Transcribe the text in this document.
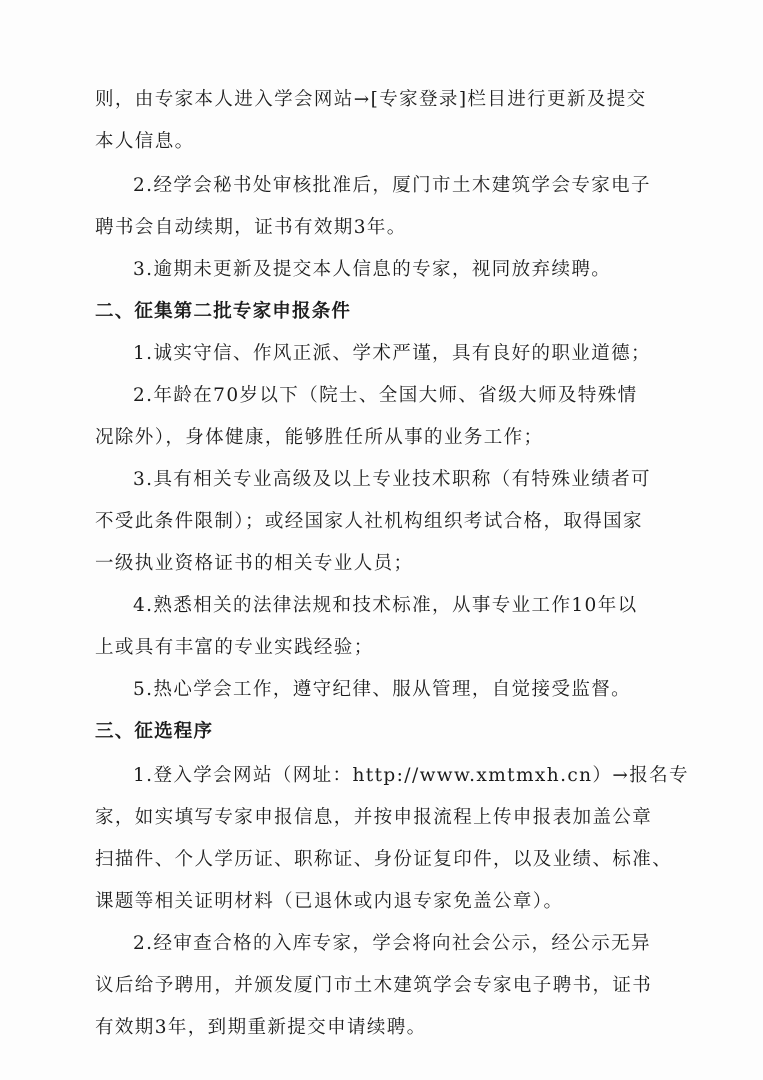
则，由专家本人进入学会网站→[专家登录]栏目进行更新及提交
本人信息。
2.经学会秘书处审核批准后，厦门市土木建筑学会专家电子
聘书会自动续期，证书有效期3年。
3.逾期未更新及提交本人信息的专家，视同放弃续聘。
二、征集第二批专家申报条件
1.诚实守信、作风正派、学术严谨，具有良好的职业道德；
2.年龄在70岁以下（院士、全国大师、省级大师及特殊情
况除外），身体健康，能够胜任所从事的业务工作；
3.具有相关专业高级及以上专业技术职称（有特殊业绩者可
不受此条件限制）；或经国家人社机构组织考试合格，取得国家
一级执业资格证书的相关专业人员；
4.熟悉相关的法律法规和技术标准，从事专业工作10年以
上或具有丰富的专业实践经验；
5.热心学会工作，遵守纪律、服从管理，自觉接受监督。
三、征选程序
1.登入学会网站（网址：http://www.xmtmxh.cn）→报名专
家，如实填写专家申报信息，并按申报流程上传申报表加盖公章
扫描件、个人学历证、职称证、身份证复印件，以及业绩、标准、
课题等相关证明材料（已退休或内退专家免盖公章）。
2.经审查合格的入库专家，学会将向社会公示，经公示无异
议后给予聘用，并颁发厦门市土木建筑学会专家电子聘书，证书
有效期3年，到期重新提交申请续聘。
